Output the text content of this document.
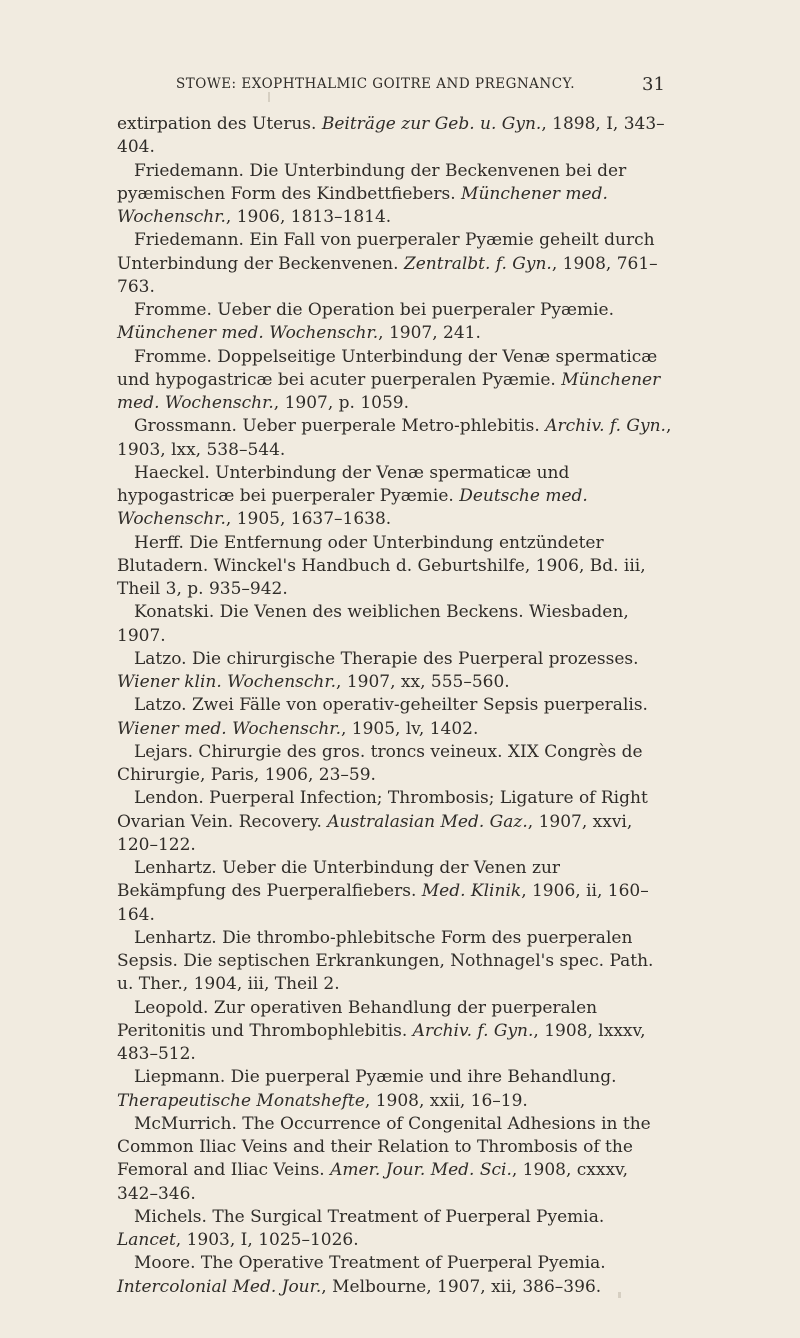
STOWE: EXOPHTHALMIC GOITRE AND PREGNANCY.	31

extirpation des Uterus. Beiträge zur Geb. u. Gyn., 1898, I, 343–404.

Friedemann. Die Unterbindung der Beckenvenen bei der pyæmischen Form des Kindbettfiebers. Münchener med. Wochenschr., 1906, 1813–1814.

Friedemann. Ein Fall von puerperaler Pyæmie geheilt durch Unterbindung der Beckenvenen. Zentralbt. f. Gyn., 1908, 761–763.

Fromme. Ueber die Operation bei puerperaler Pyæmie. Münchener med. Wochenschr., 1907, 241.

Fromme. Doppelseitige Unterbindung der Venæ spermaticæ und hypogastricæ bei acuter puerperalen Pyæmie. Münchener med. Wochenschr., 1907, p. 1059.

Grossmann. Ueber puerperale Metro-phlebitis. Archiv. f. Gyn., 1903, lxx, 538–544.

Haeckel. Unterbindung der Venæ spermaticæ und hypogastricæ bei puerperaler Pyæmie. Deutsche med. Wochenschr., 1905, 1637–1638.

Herff. Die Entfernung oder Unterbindung entzündeter Blutadern. Winckel's Handbuch d. Geburtshilfe, 1906, Bd. iii, Theil 3, p. 935–942.

Konatski. Die Venen des weiblichen Beckens. Wiesbaden, 1907.

Latzo. Die chirurgische Therapie des Puerperal prozesses. Wiener klin. Wochenschr., 1907, xx, 555–560.

Latzo. Zwei Fälle von operativ-geheilter Sepsis puerperalis. Wiener med. Wochenschr., 1905, lv, 1402.

Lejars. Chirurgie des gros. troncs veineux. XIX Congrès de Chirurgie, Paris, 1906, 23–59.

Lendon. Puerperal Infection; Thrombosis; Ligature of Right Ovarian Vein. Recovery. Australasian Med. Gaz., 1907, xxvi, 120–122.

Lenhartz. Ueber die Unterbindung der Venen zur Bekämpfung des Puerperalfiebers. Med. Klinik, 1906, ii, 160–164.

Lenhartz. Die thrombo-phlebitsche Form des puerperalen Sepsis. Die septischen Erkrankungen, Nothnagel's spec. Path. u. Ther., 1904, iii, Theil 2.

Leopold. Zur operativen Behandlung der puerperalen Peritonitis und Thrombophlebitis. Archiv. f. Gyn., 1908, lxxxv, 483–512.

Liepmann. Die puerperal Pyæmie und ihre Behandlung. Therapeutische Monatshefte, 1908, xxii, 16–19.

McMurrich. The Occurrence of Congenital Adhesions in the Common Iliac Veins and their Relation to Thrombosis of the Femoral and Iliac Veins. Amer. Jour. Med. Sci., 1908, cxxxv, 342–346.

Michels. The Surgical Treatment of Puerperal Pyemia. Lancet, 1903, I, 1025–1026.

Moore. The Operative Treatment of Puerperal Pyemia. Intercolonial Med. Jour., Melbourne, 1907, xii, 386–396.
